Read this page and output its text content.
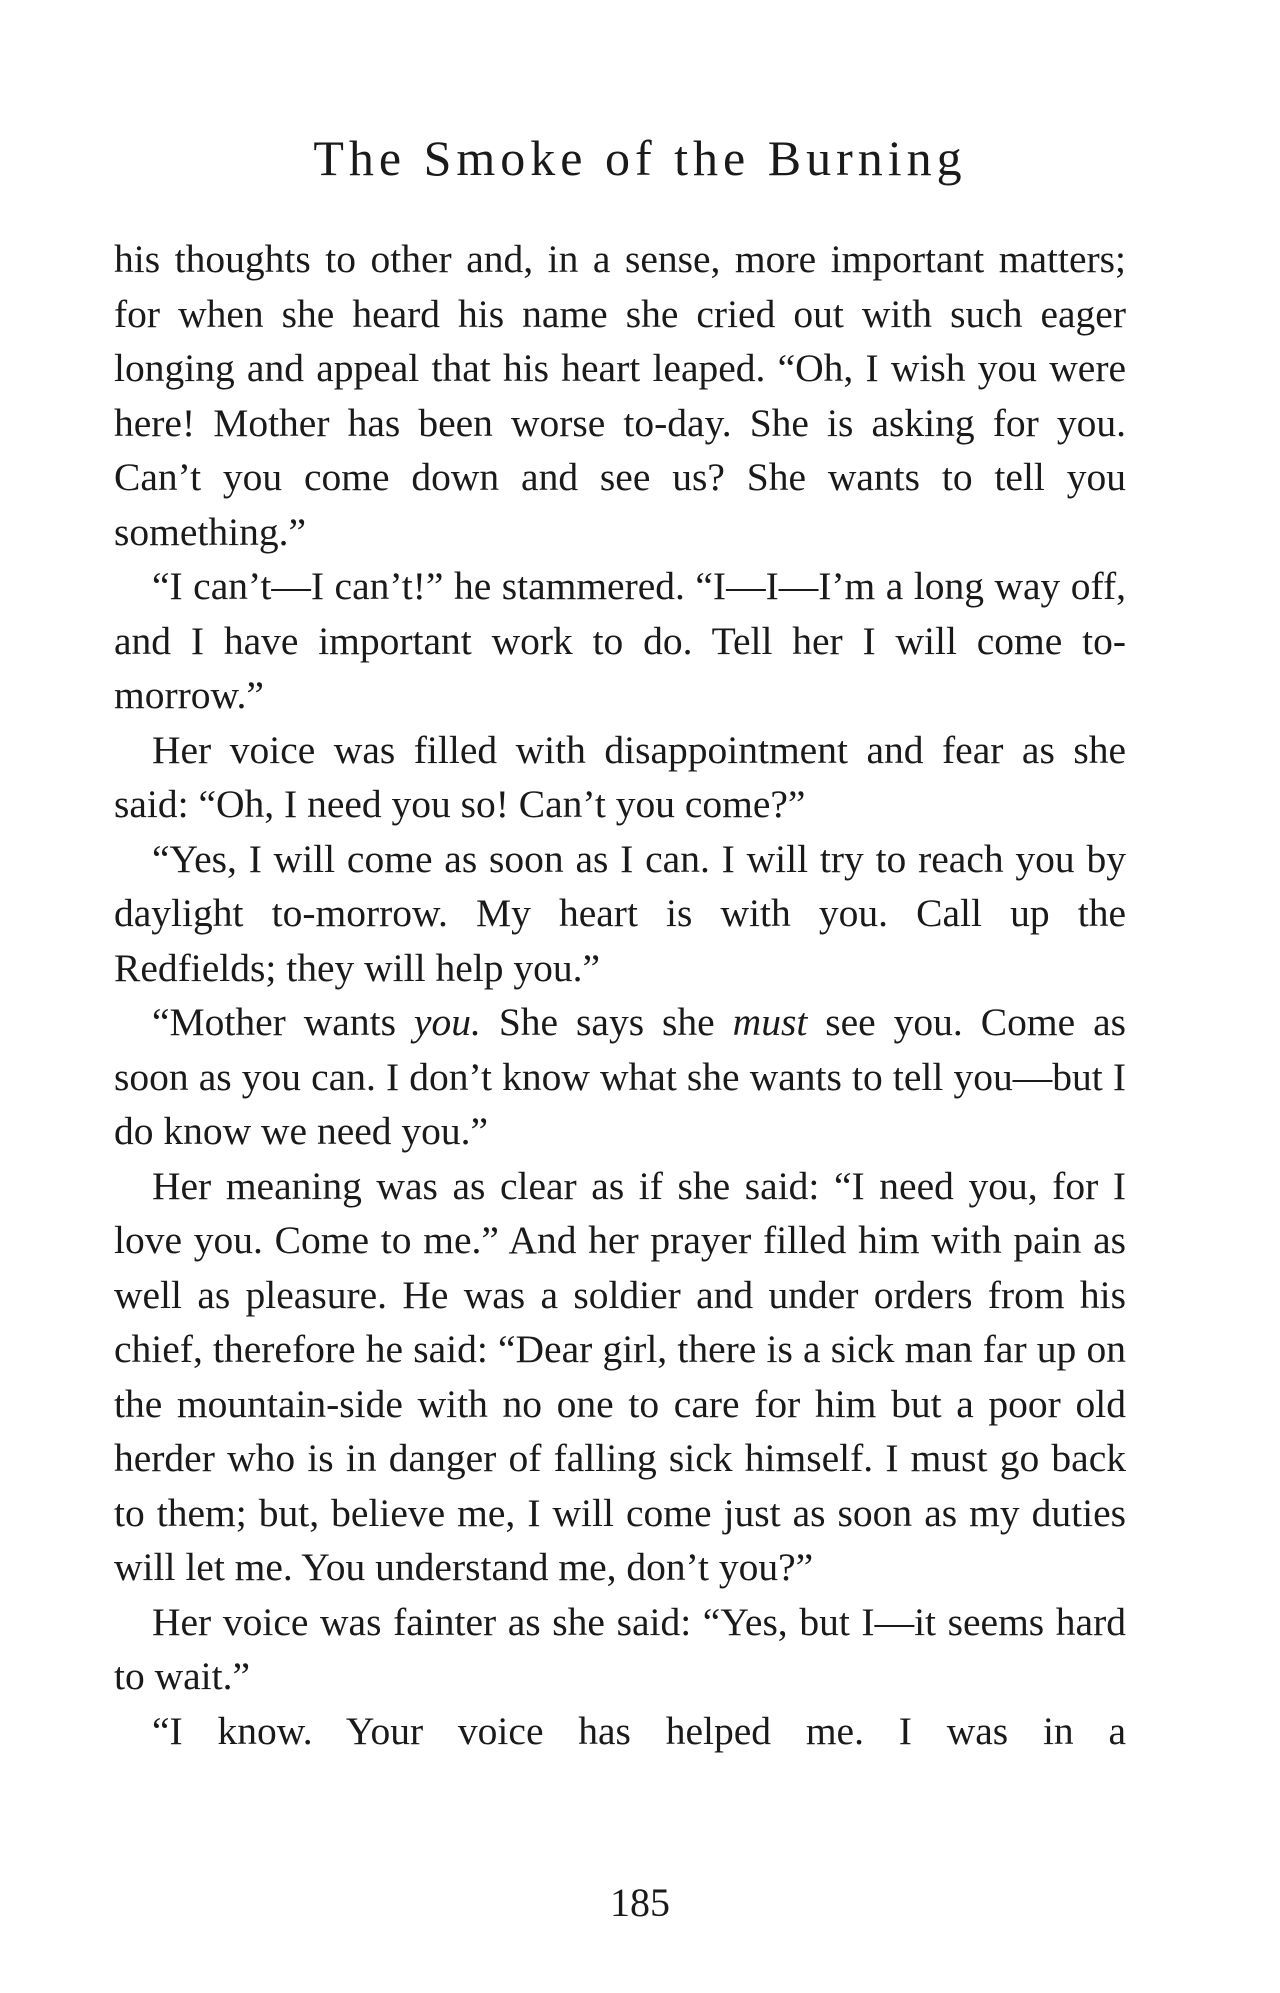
The Smoke of the Burning

his thoughts to other and, in a sense, more important matters; for when she heard his name she cried out with such eager longing and appeal that his heart leaped. “Oh, I wish you were here! Mother has been worse to-day. She is asking for you. Can’t you come down and see us? She wants to tell you something.”

“I can’t—I can’t!” he stammered. “I—I—I’m a long way off, and I have important work to do. Tell her I will come to-morrow.”

Her voice was filled with disappointment and fear as she said: “Oh, I need you so! Can’t you come?”

“Yes, I will come as soon as I can. I will try to reach you by daylight to-morrow. My heart is with you. Call up the Redfields; they will help you.”

“Mother wants you. She says she must see you. Come as soon as you can. I don’t know what she wants to tell you—but I do know we need you.”

Her meaning was as clear as if she said: “I need you, for I love you. Come to me.” And her prayer filled him with pain as well as pleasure. He was a soldier and under orders from his chief, therefore he said: “Dear girl, there is a sick man far up on the mountain-side with no one to care for him but a poor old herder who is in danger of falling sick himself. I must go back to them; but, believe me, I will come just as soon as my duties will let me. You understand me, don’t you?”

Her voice was fainter as she said: “Yes, but I—it seems hard to wait.”

“I know. Your voice has helped me. I was in a

185
